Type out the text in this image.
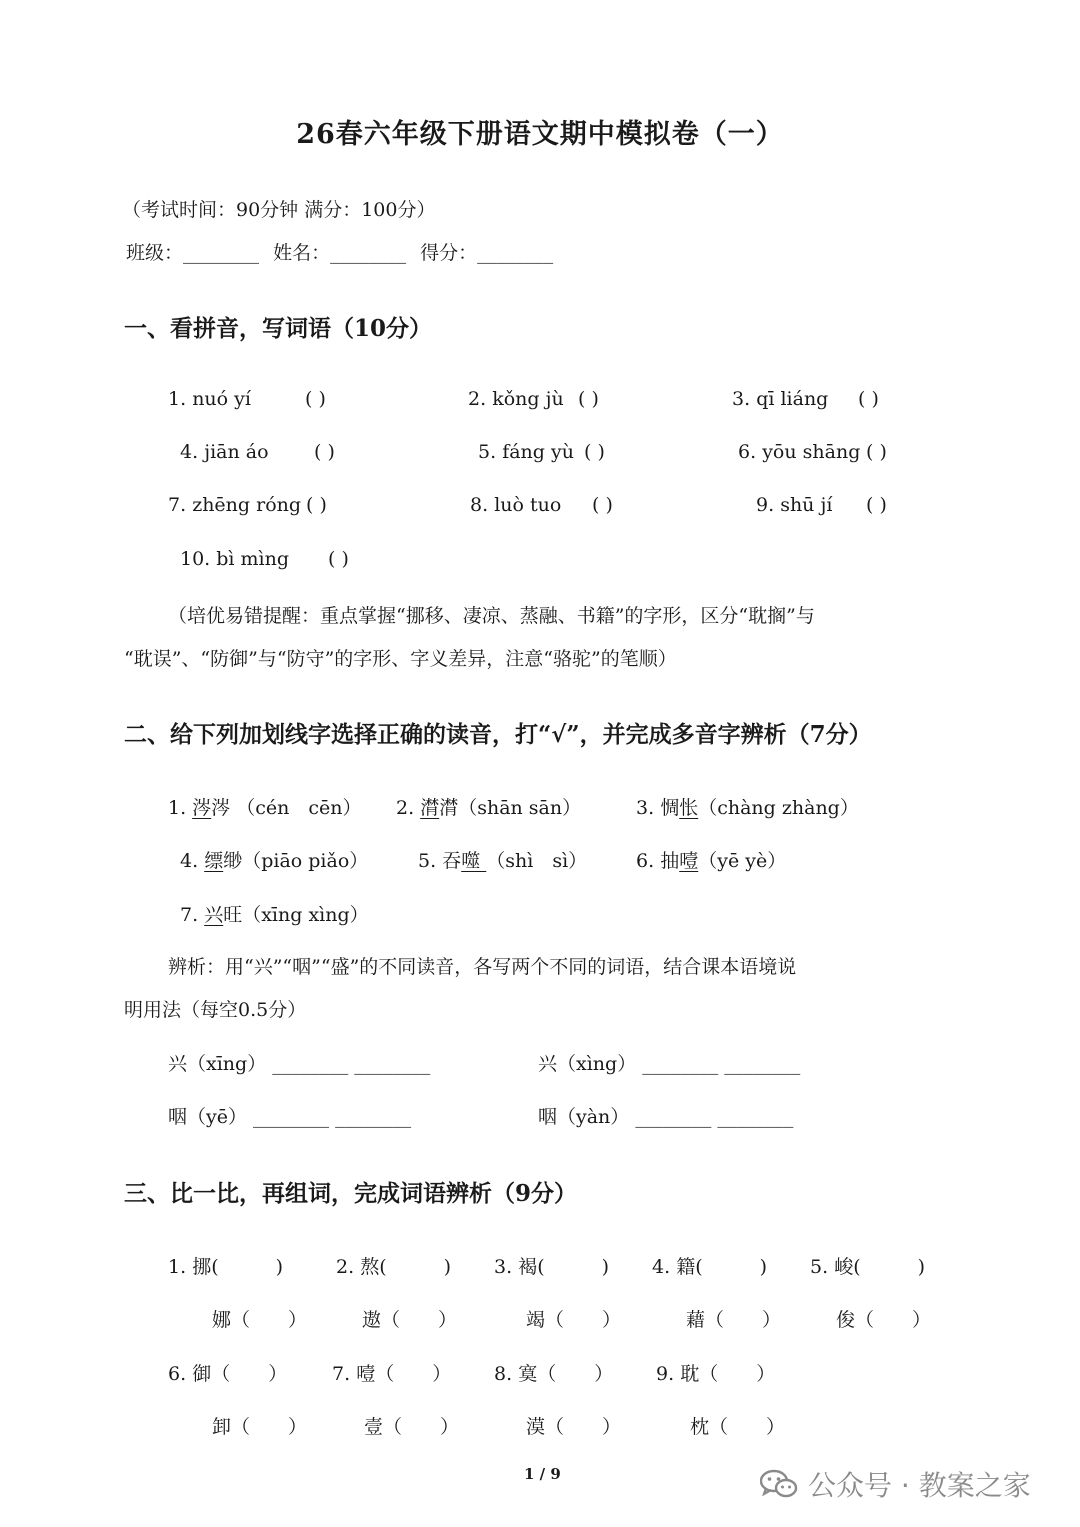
26春六年级下册语文期中模拟卷（一）
（考试时间：90分钟 满分：100分）
班级：________ 姓名：________ 得分：________
一、看拼音，写词语（10分）
1. nuó yí	( )	2. kǒng jù ( )	3. qī liáng ( )
4. jiān áo ( )	5. fáng yù ( )	6. yōu shāng ( )
7. zhēng róng ( )	8. luò tuo ( )	9. shū jí ( )
10. bì mìng ( )
（培优易错提醒：重点掌握“挪移、凄凉、蒸融、书籍”的字形，区分“耽搁”与
“耽误”、“防御”与“防守”的字形、字义差异，注意“骆驼”的笔顺）
二、给下列加划线字选择正确的读音，打“√”，并完成多音字辨析（7分）
1. 涔涔 （cén　cēn） 2. 潸潸（shān sān）	3. 惆怅（chàng zhàng）
4. 缥缈（piāo piǎo）	5. 吞噬 （shì　sì）	6. 抽噎（yē yè）
7. 兴旺（xīng xìng）
辨析：用“兴”“咽”“盛”的不同读音，各写两个不同的词语，结合课本语境说
明用法（每空0.5分）
兴（xīng） ________ ________	兴（xìng） ________ ________
咽（yē） ________ ________	咽（yàn） ________ ________
三、比一比，再组词，完成词语辨析（9分）
1. 挪(　　　)	2. 熬(　　　) 3. 褐(　　　) 4. 籍(　　　) 5. 峻(　　　)
娜（　　）	遨（　　）	竭（　　）	藉（　　）	俊（　　）
6. 御（　　） 7. 噎（　　） 8. 寞（　　） 9. 耽（　　）
卸（　　）	壹（　　）	漠（　　）	枕（　　）
1 / 9	公众号 · 教案之家
